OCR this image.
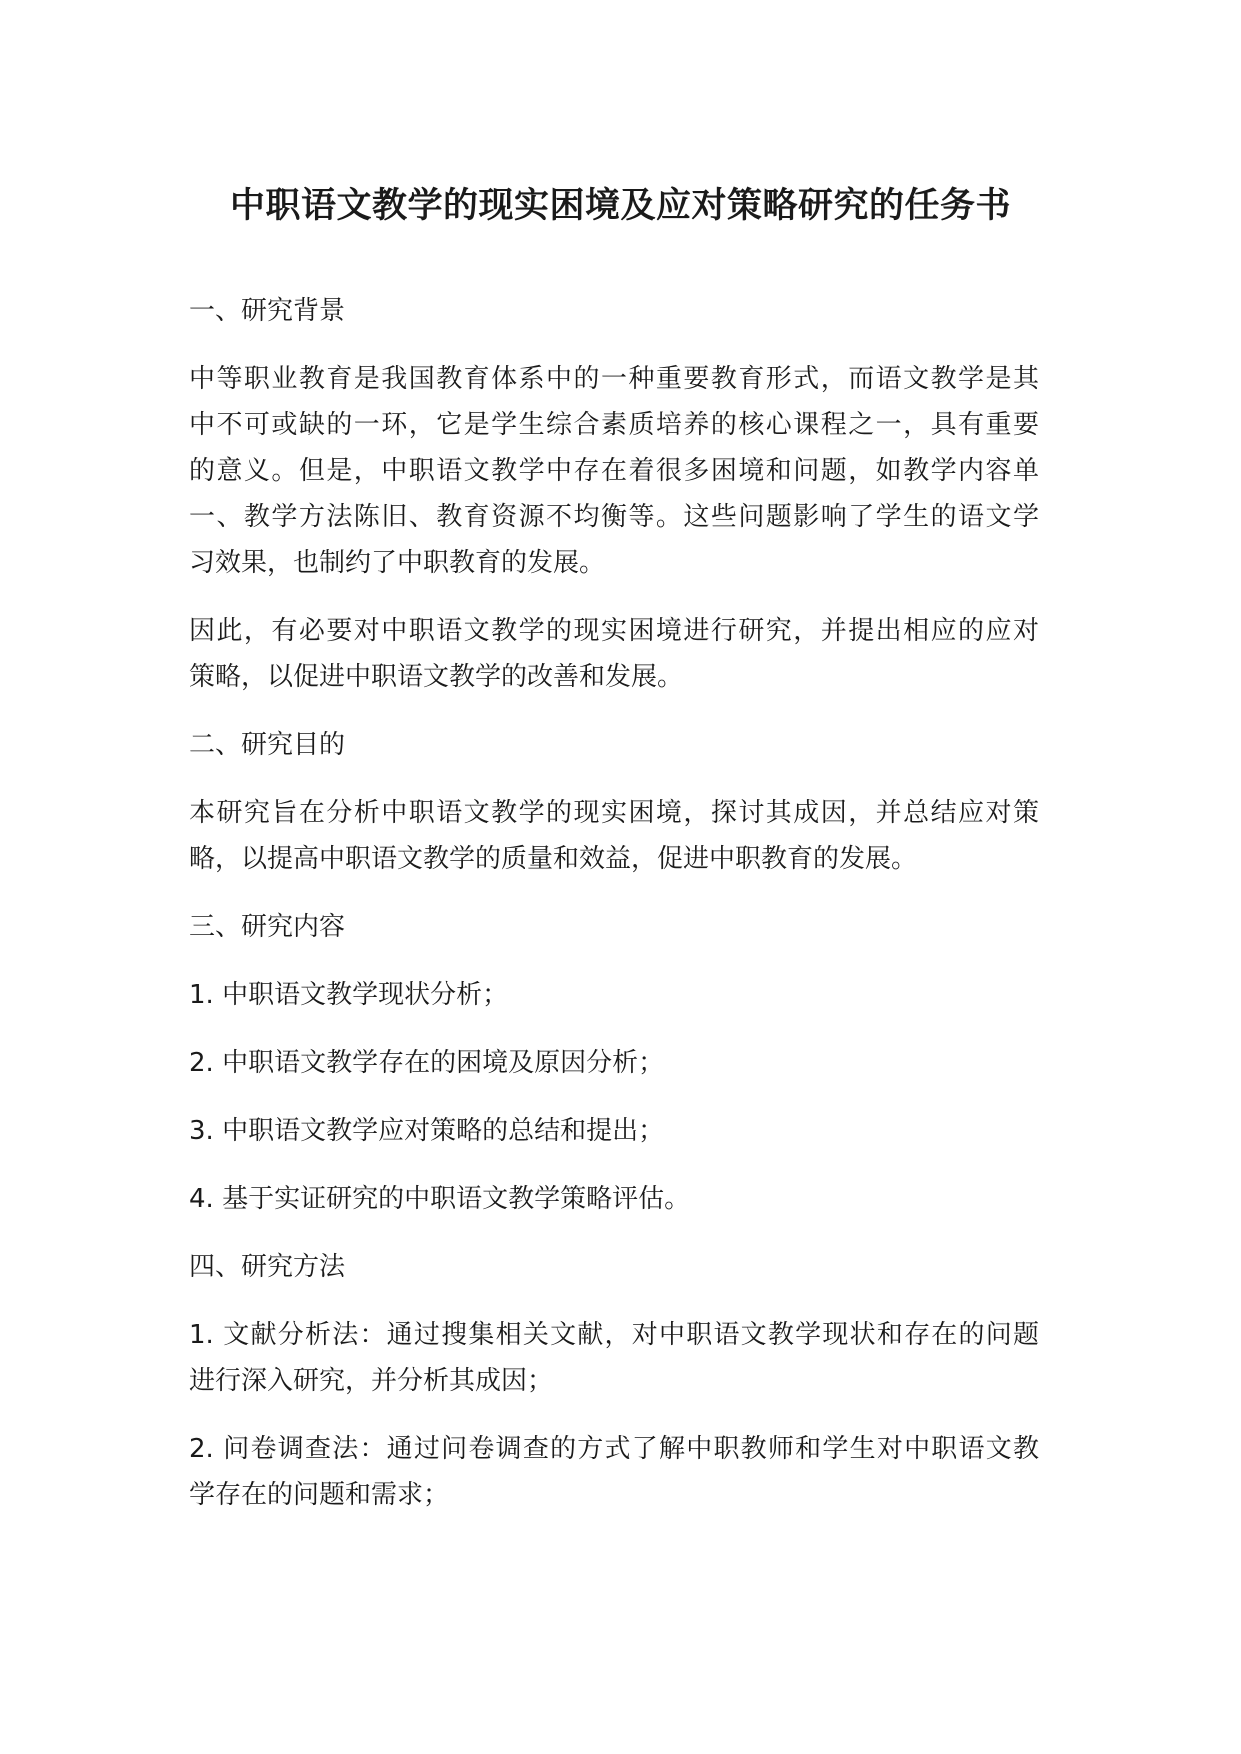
中职语文教学的现实困境及应对策略研究的任务书
一、研究背景
中等职业教育是我国教育体系中的一种重要教育形式，而语文教学是其
中不可或缺的一环，它是学生综合素质培养的核心课程之一，具有重要
的意义。但是，中职语文教学中存在着很多困境和问题，如教学内容单
一、教学方法陈旧、教育资源不均衡等。这些问题影响了学生的语文学
习效果，也制约了中职教育的发展。
因此，有必要对中职语文教学的现实困境进行研究，并提出相应的应对
策略，以促进中职语文教学的改善和发展。
二、研究目的
本研究旨在分析中职语文教学的现实困境，探讨其成因，并总结应对策
略，以提高中职语文教学的质量和效益，促进中职教育的发展。
三、研究内容
1. 中职语文教学现状分析；
2. 中职语文教学存在的困境及原因分析；
3. 中职语文教学应对策略的总结和提出；
4. 基于实证研究的中职语文教学策略评估。
四、研究方法
1. 文献分析法：通过搜集相关文献，对中职语文教学现状和存在的问题
进行深入研究，并分析其成因；
2. 问卷调查法：通过问卷调查的方式了解中职教师和学生对中职语文教
学存在的问题和需求；
